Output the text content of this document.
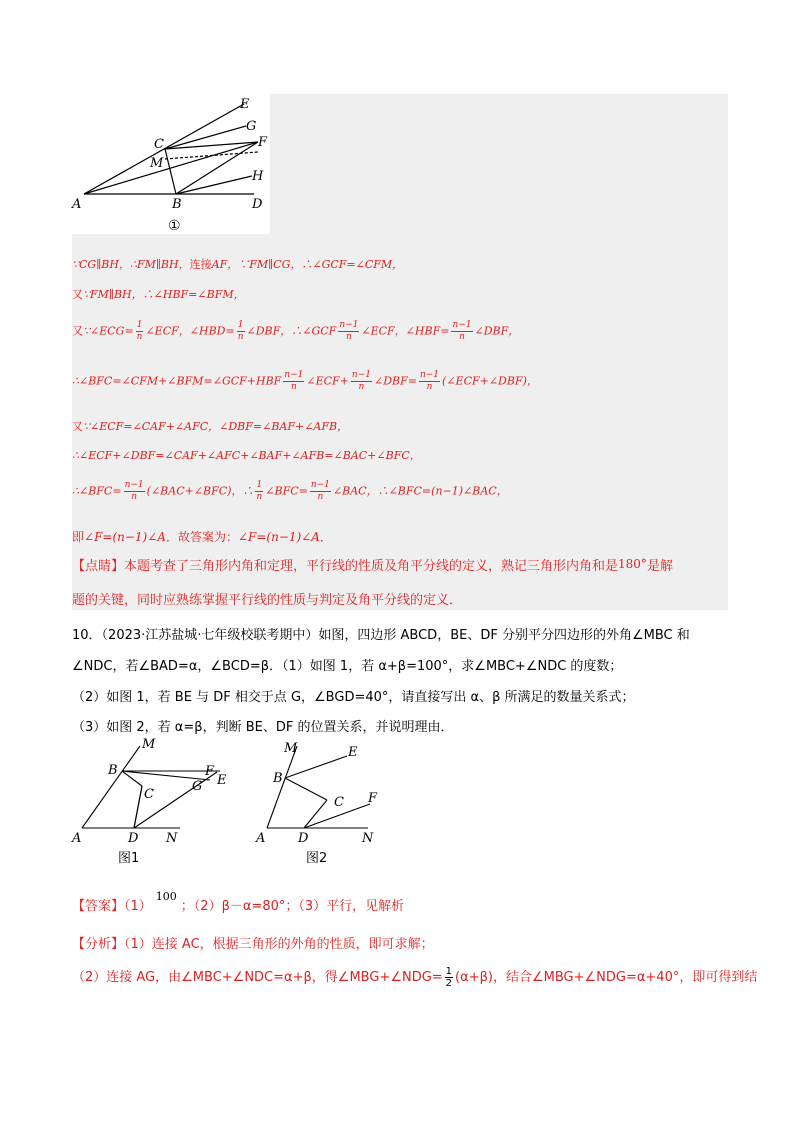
E
G
F
H
C
M
A	B	D
①
∵CG∥BH，∴FM∥BH，连接AF，∵FM∥CG，∴∠GCF=∠CFM，
又∵FM∥BH，∴∠HBF=∠BFM，
又∵∠ECG= $\frac{1}{n}$ ∠ECF，∠HBD= $\frac{1}{n}$ ∠DBF，∴∠GCF $\frac{n-1}{n}$ ∠ECF，∠HBF= $\frac{n-1}{n}$ ∠DBF，
∴∠BFC=∠CFM+∠BFM=∠GCF+HBF $\frac{n-1}{n}$ ∠ECF+ $\frac{n-1}{n}$ ∠DBF= $\frac{n-1}{n}$ (∠ECF+∠DBF)，
又∵∠ECF=∠CAF+∠AFC，∠DBF=∠BAF+∠AFB，
∴∠ECF+∠DBF=∠CAF+∠AFC+∠BAF+∠AFB=∠BAC+∠BFC，
∴∠BFC= $\frac{n-1}{n}$ (∠BAC+∠BFC)，∴ $\frac{1}{n}$ ∠BFC= $\frac{n-1}{n}$ ∠BAC，∴∠BFC=(n−1)∠BAC，
即∠F=(n−1)∠A．故答案为：∠F=(n−1)∠A．
【点睛】本题考查了三角形内角和定理，平行线的性质及角平分线的定义，熟记三角形内角和是180°是解
题的关键，同时应熟练掌握平行线的性质与判定及角平分线的定义．
10．（2023·江苏盐城·七年级校联考期中）如图，四边形 ABCD，BE、DF 分别平分四边形的外角∠MBC 和
∠NDC，若∠BAD=α，∠BCD=β．（1）如图 1，若 α+β=100°，求∠MBC+∠NDC 的度数；
（2）如图 1，若 BE 与 DF 相交于点 G，∠BGD=40°，请直接写出 α、β 所满足的数量关系式；
（3）如图 2，若 α=β，判断 BE、DF 的位置关系，并说明理由．
M
B
C
F
E
G
A	D N
图1
M	E
B
C F
A	D	N
图2
【答案】$(1)^{100}$；（2）β－α=80°；（3）平行，见解析
【分析】（1）连接 AC，根据三角形的外角的性质，即可求解；
（2）连接 AG，由∠MBC+∠NDC=α+β，得∠MBG+∠NDG= $\frac{1}{2} (\alpha+\beta)$，结合∠MBG+∠NDG=α+40°，即可得到结
